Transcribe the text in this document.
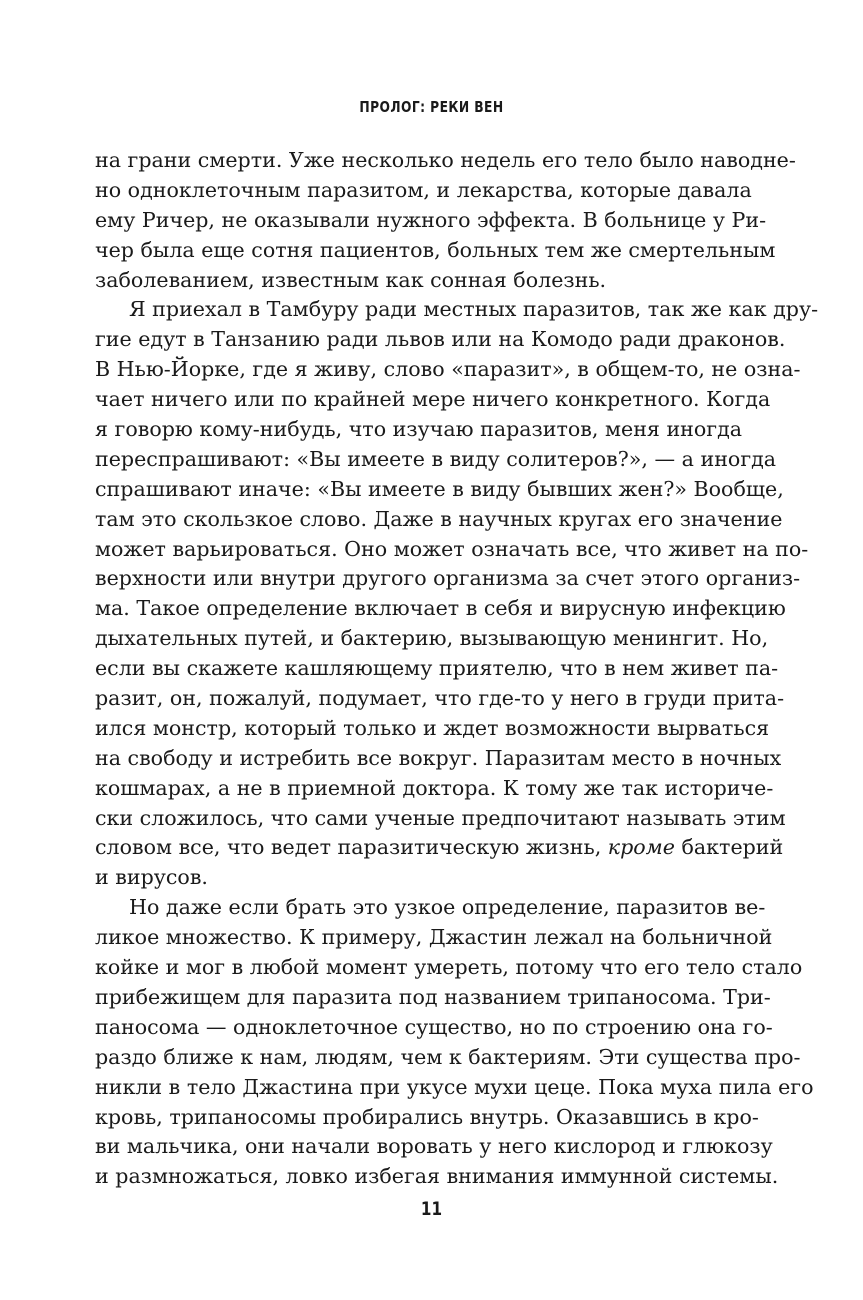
ПРОЛОГ: РЕКИ ВЕН
на грани смерти. Уже несколько недель его тело было наводне-
но одноклеточным паразитом, и лекарства, которые давала
ему Ричер, не оказывали нужного эффекта. В больнице у Ри-
чер была еще сотня пациентов, больных тем же смертельным
заболеванием, известным как сонная болезнь.
Я приехал в Тамбуру ради местных паразитов, так же как дру-
гие едут в Танзанию ради львов или на Комодо ради драконов.
В Нью-Йорке, где я живу, слово «паразит», в общем-то, не озна-
чает ничего или по крайней мере ничего конкретного. Когда
я говорю кому-нибудь, что изучаю паразитов, меня иногда
переспрашивают: «Вы имеете в виду солитеров?», — а иногда
спрашивают иначе: «Вы имеете в виду бывших жен?» Вообще,
там это скользкое слово. Даже в научных кругах его значение
может варьироваться. Оно может означать все, что живет на по-
верхности или внутри другого организма за счет этого организ-
ма. Такое определение включает в себя и вирусную инфекцию
дыхательных путей, и бактерию, вызывающую менингит. Но,
если вы скажете кашляющему приятелю, что в нем живет па-
разит, он, пожалуй, подумает, что где-то у него в груди прита-
ился монстр, который только и ждет возможности вырваться
на свободу и истребить все вокруг. Паразитам место в ночных
кошмарах, а не в приемной доктора. К тому же так историче-
ски сложилось, что сами ученые предпочитают называть этим
словом все, что ведет паразитическую жизнь, кроме бактерий
и вирусов.
Но даже если брать это узкое определение, паразитов ве-
ликое множество. К примеру, Джастин лежал на больничной
койке и мог в любой момент умереть, потому что его тело стало
прибежищем для паразита под названием трипаносома. Три-
паносома — одноклеточное существо, но по строению она го-
раздо ближе к нам, людям, чем к бактериям. Эти существа про-
никли в тело Джастина при укусе мухи цеце. Пока муха пила его
кровь, трипаносомы пробирались внутрь. Оказавшись в кро-
ви мальчика, они начали воровать у него кислород и глюкозу
и размножаться, ловко избегая внимания иммунной системы.
11
